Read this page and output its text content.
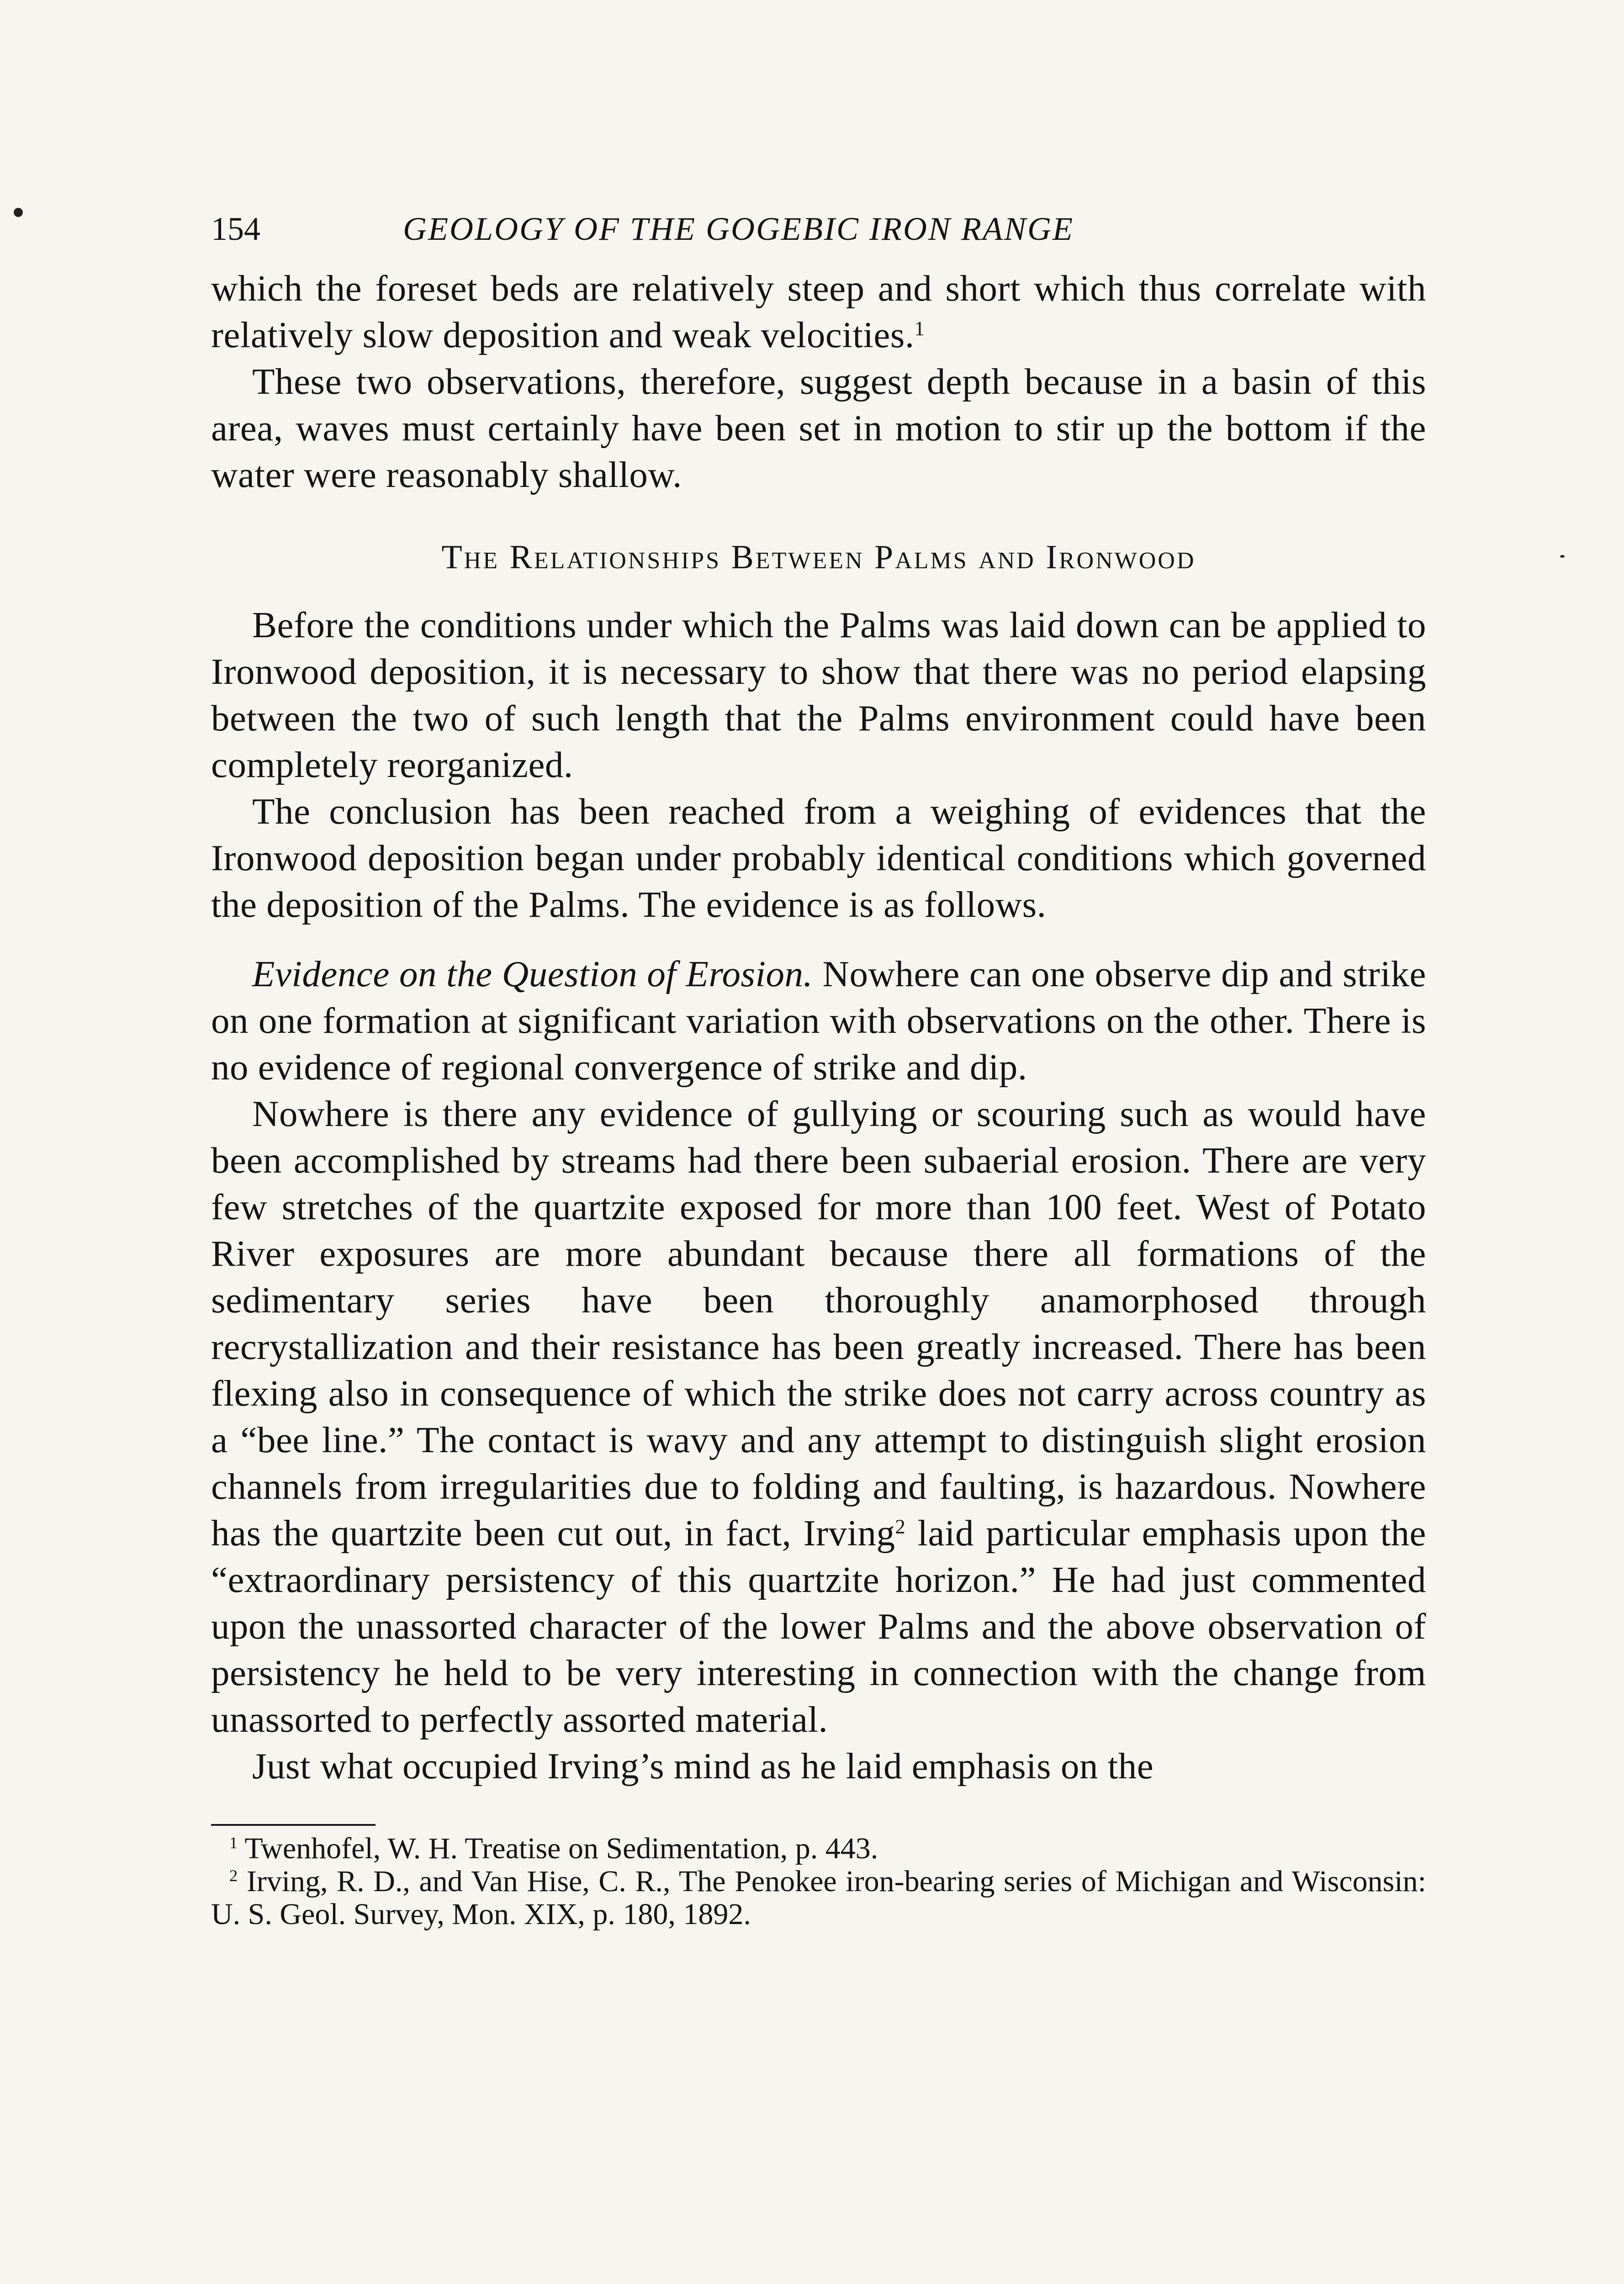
154	GEOLOGY OF THE GOGEBIC IRON RANGE

which the foreset beds are relatively steep and short which thus correlate with relatively slow deposition and weak velocities.$^1$

These two observations, therefore, suggest depth because in a basin of this area, waves must certainly have been set in motion to stir up the bottom if the water were reasonably shallow.

The Relationships Between Palms and Ironwood

Before the conditions under which the Palms was laid down can be applied to Ironwood deposition, it is necessary to show that there was no period elapsing between the two of such length that the Palms environment could have been completely reorganized.

The conclusion has been reached from a weighing of evidences that the Ironwood deposition began under probably identical conditions which governed the deposition of the Palms. The evidence is as follows.

Evidence on the Question of Erosion. Nowhere can one observe dip and strike on one formation at significant variation with observations on the other. There is no evidence of regional convergence of strike and dip.

Nowhere is there any evidence of gullying or scouring such as would have been accomplished by streams had there been subaerial erosion. There are very few stretches of the quartzite exposed for more than 100 feet. West of Potato River exposures are more abundant because there all formations of the sedimentary series have been thoroughly anamorphosed through recrystallization and their resistance has been greatly increased. There has been flexing also in consequence of which the strike does not carry across country as a “bee line.” The contact is wavy and any attempt to distinguish slight erosion channels from irregularities due to folding and faulting, is hazardous. Nowhere has the quartzite been cut out, in fact, Irving$^2$ laid particular emphasis upon the “extraordinary persistency of this quartzite horizon.” He had just commented upon the unassorted character of the lower Palms and the above observation of persistency he held to be very interesting in connection with the change from unassorted to perfectly assorted material.

Just what occupied Irving’s mind as he laid emphasis on the

$^1$ Twenhofel, W. H. Treatise on Sedimentation, p. 443.

$^2$ Irving, R. D., and Van Hise, C. R., The Penokee iron-bearing series of Michigan and Wisconsin: U. S. Geol. Survey, Mon. XIX, p. 180, 1892.
